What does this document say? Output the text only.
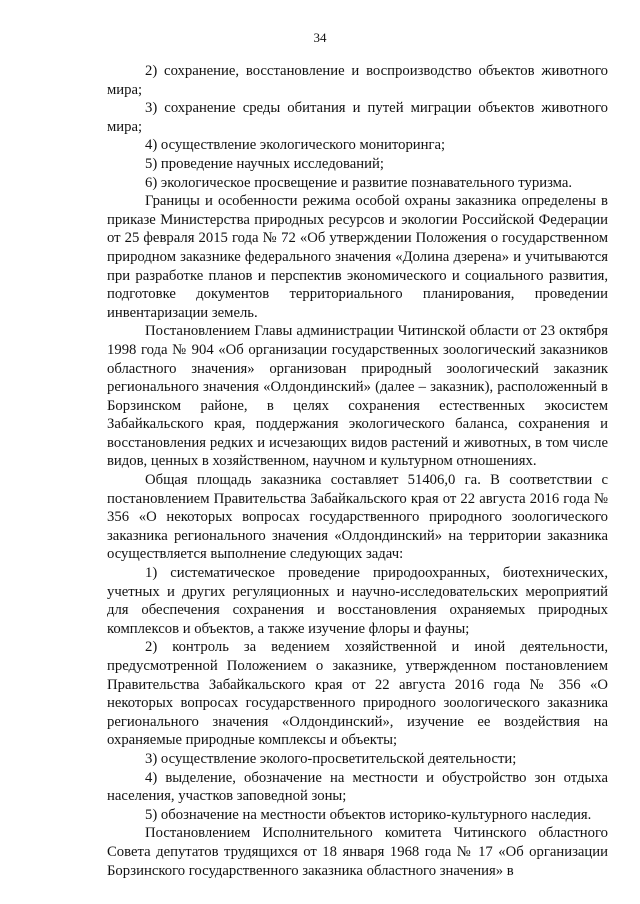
34

2) сохранение, восстановление и воспроизводство объектов животного мира;

3) сохранение среды обитания и путей миграции объектов животного мира;

4) осуществление экологического мониторинга;

5) проведение научных исследований;

6) экологическое просвещение и развитие познавательного туризма.

Границы и особенности режима особой охраны заказника определены в приказе Министерства природных ресурсов и экологии Российской Федерации от 25 февраля 2015 года № 72 «Об утверждении Положения о государственном природном заказнике федерального значения «Долина дзерена» и учитываются при разработке планов и перспектив экономического и социального развития, подготовке документов территориального планирования, проведении инвентаризации земель.

Постановлением Главы администрации Читинской области от 23 октября 1998 года № 904 «Об организации государственных зоологический заказников областного значения» организован природный зоологический заказник регионального значения «Олдондинский» (далее – заказник), расположенный в Борзинском районе, в целях сохранения естественных экосистем Забайкальского края, поддержания экологического баланса, сохранения и восстановления редких и исчезающих видов растений и животных, в том числе видов, ценных в хозяйственном, научном и культурном отношениях.

Общая площадь заказника составляет 51406,0 га. В соответствии с постановлением Правительства Забайкальского края от 22 августа 2016 года № 356 «О некоторых вопросах государственного природного зоологического заказника регионального значения «Олдондинский» на территории заказника осуществляется выполнение следующих задач:

1) систематическое проведение природоохранных, биотехнических, учетных и других регуляционных и научно-исследовательских мероприятий для обеспечения сохранения и восстановления охраняемых природных комплексов и объектов, а также изучение флоры и фауны;

2) контроль за ведением хозяйственной и иной деятельности, предусмотренной Положением о заказнике, утвержденном постановлением Правительства Забайкальского края от 22 августа 2016 года № 356 «О некоторых вопросах государственного природного зоологического заказника регионального значения «Олдондинский», изучение ее воздействия на охраняемые природные комплексы и объекты;

3) осуществление эколого-просветительской деятельности;

4) выделение, обозначение на местности и обустройство зон отдыха населения, участков заповедной зоны;

5) обозначение на местности объектов историко-культурного наследия.

Постановлением Исполнительного комитета Читинского областного Совета депутатов трудящихся от 18 января 1968 года № 17 «Об организации Борзинского государственного заказника областного значения» в
